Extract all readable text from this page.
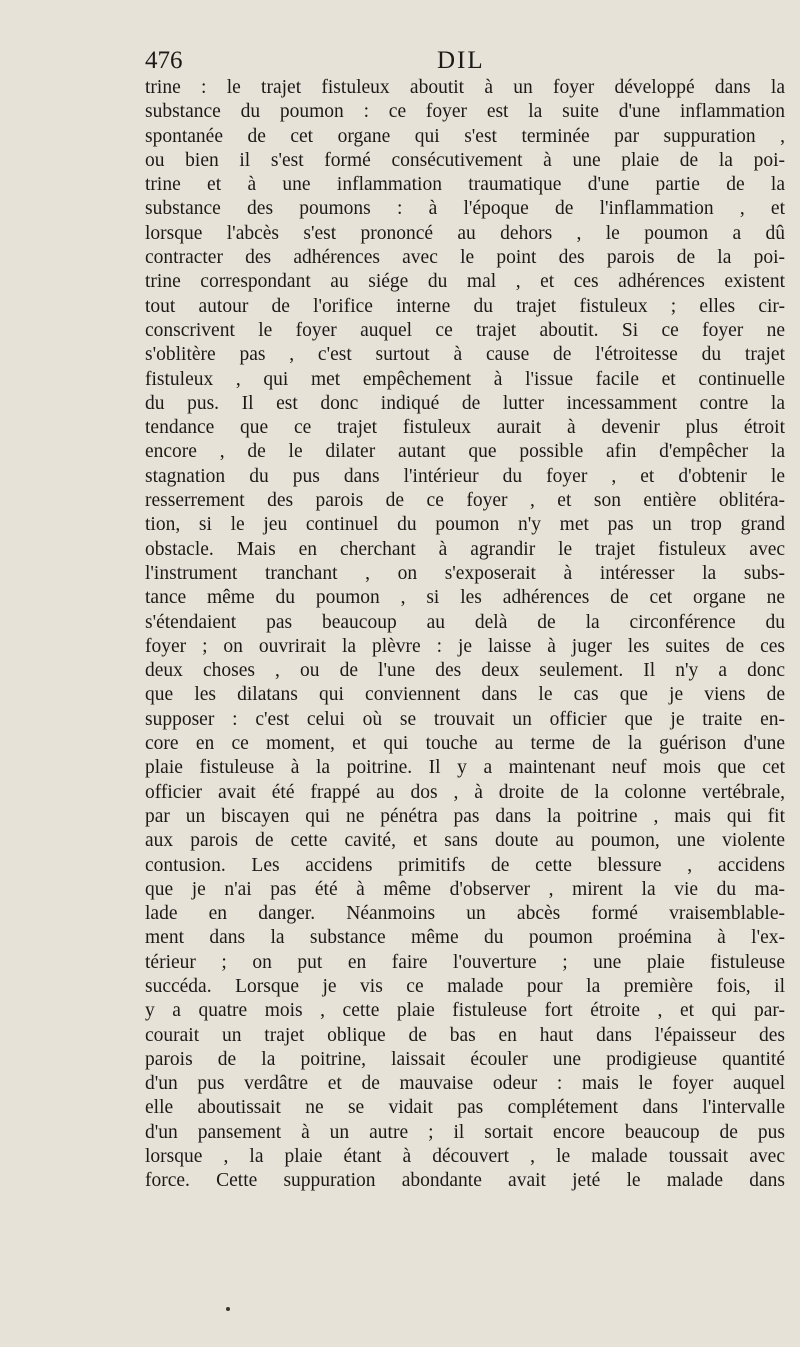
476	DIL
trine : le trajet fistuleux aboutit à un foyer développé dans la
substance du poumon : ce foyer est la suite d'une inflammation
spontanée de cet organe qui s'est terminée par suppuration ,
ou bien il s'est formé consécutivement à une plaie de la poi-
trine et à une inflammation traumatique d'une partie de la
substance des poumons : à l'époque de l'inflammation , et
lorsque l'abcès s'est prononcé au dehors , le poumon a dû
contracter des adhérences avec le point des parois de la poi-
trine correspondant au siége du mal , et ces adhérences existent
tout autour de l'orifice interne du trajet fistuleux ; elles cir-
conscrivent le foyer auquel ce trajet aboutit. Si ce foyer ne
s'oblitère pas , c'est surtout à cause de l'étroitesse du trajet
fistuleux , qui met empêchement à l'issue facile et continuelle
du pus. Il est donc indiqué de lutter incessamment contre la
tendance que ce trajet fistuleux aurait à devenir plus étroit
encore , de le dilater autant que possible afin d'empêcher la
stagnation du pus dans l'intérieur du foyer , et d'obtenir le
resserrement des parois de ce foyer , et son entière oblitéra-
tion, si le jeu continuel du poumon n'y met pas un trop grand
obstacle. Mais en cherchant à agrandir le trajet fistuleux avec
l'instrument tranchant , on s'exposerait à intéresser la subs-
tance même du poumon , si les adhérences de cet organe ne
s'étendaient pas beaucoup au delà de la circonférence du
foyer ; on ouvrirait la plèvre : je laisse à juger les suites de ces
deux choses , ou de l'une des deux seulement. Il n'y a donc
que les dilatans qui conviennent dans le cas que je viens de
supposer : c'est celui où se trouvait un officier que je traite en-
core en ce moment, et qui touche au terme de la guérison d'une
plaie fistuleuse à la poitrine. Il y a maintenant neuf mois que cet
officier avait été frappé au dos , à droite de la colonne vertébrale,
par un biscayen qui ne pénétra pas dans la poitrine , mais qui fit
aux parois de cette cavité, et sans doute au poumon, une violente
contusion. Les accidens primitifs de cette blessure , accidens
que je n'ai pas été à même d'observer , mirent la vie du ma-
lade en danger. Néanmoins un abcès formé vraisemblable-
ment dans la substance même du poumon proémina à l'ex-
térieur ; on put en faire l'ouverture ; une plaie fistuleuse
succéda. Lorsque je vis ce malade pour la première fois, il
y a quatre mois , cette plaie fistuleuse fort étroite , et qui par-
courait un trajet oblique de bas en haut dans l'épaisseur des
parois de la poitrine, laissait écouler une prodigieuse quantité
d'un pus verdâtre et de mauvaise odeur : mais le foyer auquel
elle aboutissait ne se vidait pas complétement dans l'intervalle
d'un pansement à un autre ; il sortait encore beaucoup de pus
lorsque , la plaie étant à découvert , le malade toussait avec
force. Cette suppuration abondante avait jeté le malade dans
